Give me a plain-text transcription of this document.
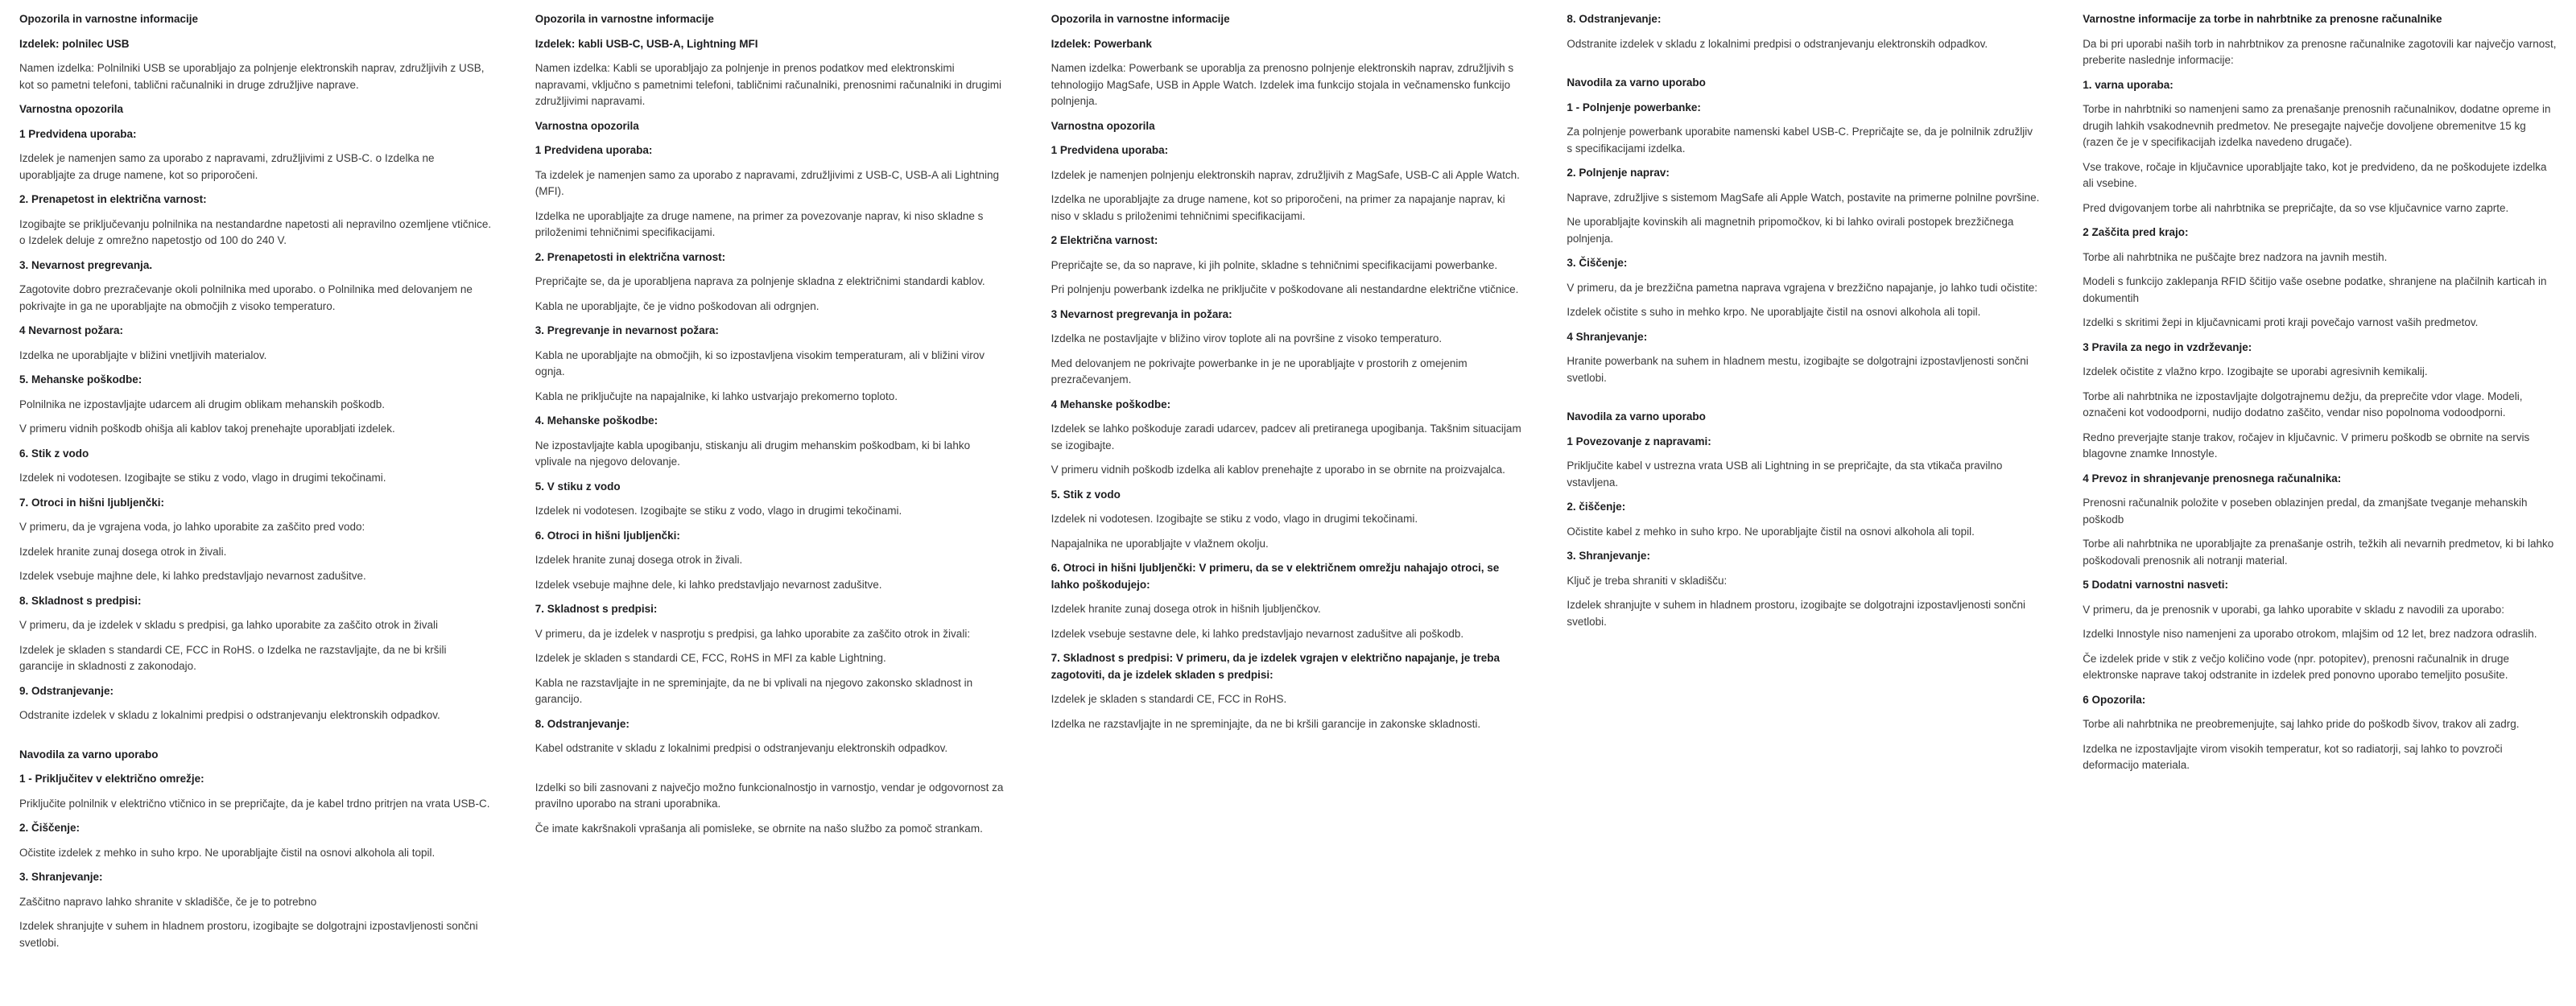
Opozorila in varnostne informacije
Izdelek: polnilec USB

Namen izdelka: Polnilniki USB se uporabljajo za polnjenje elektronskih naprav, združljivih z USB, kot so pametni telefoni, tablični računalniki in druge združljive naprave.

Varnostna opozorila
1 Predvidena uporaba:

Izdelek je namenjen samo za uporabo z napravami, združljivimi z USB-C. o Izdelka ne uporabljajte za druge namene, kot so priporočeni.

2. Prenapetost in električna varnost:

Izogibajte se priključevanju polnilnika na nestandardne napetosti ali nepravilno ozemljene vtičnice. o Izdelek deluje z omrežno napetostjo od 100 do 240 V.

3. Nevarnost pregrevanja.

Zagotovite dobro prezračevanje okoli polnilnika med uporabo. o Polnilnika med delovanjem ne pokrivajte in ga ne uporabljajte na območjih z visoko temperaturo.

4 Nevarnost požara:

Izdelka ne uporabljajte v bližini vnetljivih materialov.

5. Mehanske poškodbe:

Polnilnika ne izpostavljajte udarcem ali drugim oblikam mehanskih poškodb.

V primeru vidnih poškodb ohišja ali kablov takoj prenehajte uporabljati izdelek.

6. Stik z vodo

Izdelek ni vodotesen. Izogibajte se stiku z vodo, vlago in drugimi tekočinami.

7. Otroci in hišni ljubljenčki:

V primeru, da je vgrajena voda, jo lahko uporabite za zaščito pred vodo:

Izdelek hranite zunaj dosega otrok in živali.

Izdelek vsebuje majhne dele, ki lahko predstavljajo nevarnost zadušitve.

8. Skladnost s predpisi:

V primeru, da je izdelek v skladu s predpisi, ga lahko uporabite za zaščito otrok in živali

Izdelek je skladen s standardi CE, FCC in RoHS. o Izdelka ne razstavljajte, da ne bi kršili garancije in skladnosti z zakonodajo.

9. Odstranjevanje:

Odstranite izdelek v skladu z lokalnimi predpisi o odstranjevanju elektronskih odpadkov.

Navodila za varno uporabo
1 - Priključitev v električno omrežje:

Priključite polnilnik v električno vtičnico in se prepričajte, da je kabel trdno pritrjen na vrata USB-C.

2. Čiščenje:

Očistite izdelek z mehko in suho krpo. Ne uporabljajte čistil na osnovi alkohola ali topil.

3. Shranjevanje:

Zaščitno napravo lahko shranite v skladišče, če je to potrebno

Izdelek shranjujte v suhem in hladnem prostoru, izogibajte se dolgotrajni izpostavljenosti sončni svetlobi.

Opozorila in varnostne informacije
Izdelek: kabli USB-C, USB-A, Lightning MFI

Namen izdelka: Kabli se uporabljajo za polnjenje in prenos podatkov med elektronskimi napravami, vključno s pametnimi telefoni, tabličnimi računalniki, prenosnimi računalniki in drugimi združljivimi napravami.

Varnostna opozorila
1 Predvidena uporaba:

Ta izdelek je namenjen samo za uporabo z napravami, združljivimi z USB-C, USB-A ali Lightning (MFI).

Izdelka ne uporabljajte za druge namene, na primer za povezovanje naprav, ki niso skladne s priloženimi tehničnimi specifikacijami.

2. Prenapetosti in električna varnost:

Prepričajte se, da je uporabljena naprava za polnjenje skladna z električnimi standardi kablov.

Kabla ne uporabljajte, če je vidno poškodovan ali odrgnjen.

3. Pregrevanje in nevarnost požara:

Kabla ne uporabljajte na območjih, ki so izpostavljena visokim temperaturam, ali v bližini virov ognja.

Kabla ne priključujte na napajalnike, ki lahko ustvarjajo prekomerno toploto.

4. Mehanske poškodbe:

Ne izpostavljajte kabla upogibanju, stiskanju ali drugim mehanskim poškodbam, ki bi lahko vplivale na njegovo delovanje.

5. V stiku z vodo

Izdelek ni vodotesen. Izogibajte se stiku z vodo, vlago in drugimi tekočinami.

6. Otroci in hišni ljubljenčki:

Izdelek hranite zunaj dosega otrok in živali.

Izdelek vsebuje majhne dele, ki lahko predstavljajo nevarnost zadušitve.

7. Skladnost s predpisi:

V primeru, da je izdelek v nasprotju s predpisi, ga lahko uporabite za zaščito otrok in živali:

Izdelek je skladen s standardi CE, FCC, RoHS in MFI za kable Lightning.

Kabla ne razstavljajte in ne spreminjajte, da ne bi vplivali na njegovo zakonsko skladnost in garancijo.

8. Odstranjevanje:

Kabel odstranite v skladu z lokalnimi predpisi o odstranjevanju elektronskih odpadkov.

Izdelki so bili zasnovani z največjo možno funkcionalnostjo in varnostjo, vendar je odgovornost za pravilno uporabo na strani uporabnika.

Če imate kakršnakoli vprašanja ali pomisleke, se obrnite na našo službo za pomoč strankam.

Opozorila in varnostne informacije
Izdelek: Powerbank

Namen izdelka: Powerbank se uporablja za prenosno polnjenje elektronskih naprav, združljivih s tehnologijo MagSafe, USB in Apple Watch. Izdelek ima funkcijo stojala in večnamensko funkcijo polnjenja.

Varnostna opozorila
1 Predvidena uporaba:

Izdelek je namenjen polnjenju elektronskih naprav, združljivih z MagSafe, USB-C ali Apple Watch.

Izdelka ne uporabljajte za druge namene, kot so priporočeni, na primer za napajanje naprav, ki niso v skladu s priloženimi tehničnimi specifikacijami.

2 Električna varnost:

Prepričajte se, da so naprave, ki jih polnite, skladne s tehničnimi specifikacijami powerbanke.

Pri polnjenju powerbank izdelka ne priključite v poškodovane ali nestandardne električne vtičnice.

3 Nevarnost pregrevanja in požara:

Izdelka ne postavljajte v bližino virov toplote ali na površine z visoko temperaturo.

Med delovanjem ne pokrivajte powerbanke in je ne uporabljajte v prostorih z omejenim prezračevanjem.

4 Mehanske poškodbe:

Izdelek se lahko poškoduje zaradi udarcev, padcev ali pretiranega upogibanja. Takšnim situacijam se izogibajte.

V primeru vidnih poškodb izdelka ali kablov prenehajte z uporabo in se obrnite na proizvajalca.

5. Stik z vodo

Izdelek ni vodotesen. Izogibajte se stiku z vodo, vlago in drugimi tekočinami.

Napajalnika ne uporabljajte v vlažnem okolju.

6. Otroci in hišni ljubljenčki: V primeru, da se v električnem omrežju nahajajo otroci, se lahko poškodujejo:

Izdelek hranite zunaj dosega otrok in hišnih ljubljenčkov.

Izdelek vsebuje sestavne dele, ki lahko predstavljajo nevarnost zadušitve ali poškodb.

7. Skladnost s predpisi: V primeru, da je izdelek vgrajen v električno napajanje, je treba zagotoviti, da je izdelek skladen s predpisi:

Izdelek je skladen s standardi CE, FCC in RoHS.

Izdelka ne razstavljajte in ne spreminjajte, da ne bi kršili garancije in zakonske skladnosti.

8. Odstranjevanje:

Odstranite izdelek v skladu z lokalnimi predpisi o odstranjevanju elektronskih odpadkov.

Navodila za varno uporabo
1 - Polnjenje powerbanke:

Za polnjenje powerbank uporabite namenski kabel USB-C. Prepričajte se, da je polnilnik združljiv s specifikacijami izdelka.

2. Polnjenje naprav:

Naprave, združljive s sistemom MagSafe ali Apple Watch, postavite na primerne polnilne površine.

Ne uporabljajte kovinskih ali magnetnih pripomočkov, ki bi lahko ovirali postopek brezžičnega polnjenja.

3. Čiščenje:

V primeru, da je brezžična pametna naprava vgrajena v brezžično napajanje, jo lahko tudi očistite:

Izdelek očistite s suho in mehko krpo. Ne uporabljajte čistil na osnovi alkohola ali topil.

4 Shranjevanje:

Hranite powerbank na suhem in hladnem mestu, izogibajte se dolgotrajni izpostavljenosti sončni svetlobi.

Navodila za varno uporabo
1 Povezovanje z napravami:

Priključite kabel v ustrezna vrata USB ali Lightning in se prepričajte, da sta vtikača pravilno vstavljena.

2. čiščenje:

Očistite kabel z mehko in suho krpo. Ne uporabljajte čistil na osnovi alkohola ali topil.

3. Shranjevanje:

Ključ je treba shraniti v skladišču:

Izdelek shranjujte v suhem in hladnem prostoru, izogibajte se dolgotrajni izpostavljenosti sončni svetlobi.

Varnostne informacije za torbe in nahrbtnike za prenosne računalnike

Da bi pri uporabi naših torb in nahrbtnikov za prenosne računalnike zagotovili kar največjo varnost, preberite naslednje informacije:

1. varna uporaba:

Torbe in nahrbtniki so namenjeni samo za prenašanje prenosnih računalnikov, dodatne opreme in drugih lahkih vsakodnevnih predmetov. Ne presegajte največje dovoljene obremenitve 15 kg (razen če je v specifikacijah izdelka navedeno drugače).

Vse trakove, ročaje in ključavnice uporabljajte tako, kot je predvideno, da ne poškodujete izdelka ali vsebine.

Pred dvigovanjem torbe ali nahrbtnika se prepričajte, da so vse ključavnice varno zaprte.

2 Zaščita pred krajo:

Torbe ali nahrbtnika ne puščajte brez nadzora na javnih mestih.

Modeli s funkcijo zaklepanja RFID ščitijo vaše osebne podatke, shranjene na plačilnih karticah in dokumentih

Izdelki s skritimi žepi in ključavnicami proti kraji povečajo varnost vaših predmetov.

3 Pravila za nego in vzdrževanje:

Izdelek očistite z vlažno krpo. Izogibajte se uporabi agresivnih kemikalij.

Torbe ali nahrbtnika ne izpostavljajte dolgotrajnemu dežju, da preprečite vdor vlage. Modeli, označeni kot vodoodporni, nudijo dodatno zaščito, vendar niso popolnoma vodoodporni.

Redno preverjajte stanje trakov, ročajev in ključavnic. V primeru poškodb se obrnite na servis blagovne znamke Innostyle.

4 Prevoz in shranjevanje prenosnega računalnika:

Prenosni računalnik položite v poseben oblazinjen predal, da zmanjšate tveganje mehanskih poškodb

Torbe ali nahrbtnika ne uporabljajte za prenašanje ostrih, težkih ali nevarnih predmetov, ki bi lahko poškodovali prenosnik ali notranji material.

5 Dodatni varnostni nasveti:

V primeru, da je prenosnik v uporabi, ga lahko uporabite v skladu z navodili za uporabo:

Izdelki Innostyle niso namenjeni za uporabo otrokom, mlajšim od 12 let, brez nadzora odraslih.

Če izdelek pride v stik z večjo količino vode (npr. potopitev), prenosni računalnik in druge elektronske naprave takoj odstranite in izdelek pred ponovno uporabo temeljito posušite.

6 Opozorila:

Torbe ali nahrbtnika ne preobremenjujte, saj lahko pride do poškodb šivov, trakov ali zadrg.

Izdelka ne izpostavljajte virom visokih temperatur, kot so radiatorji, saj lahko to povzroči deformacijo materiala.
